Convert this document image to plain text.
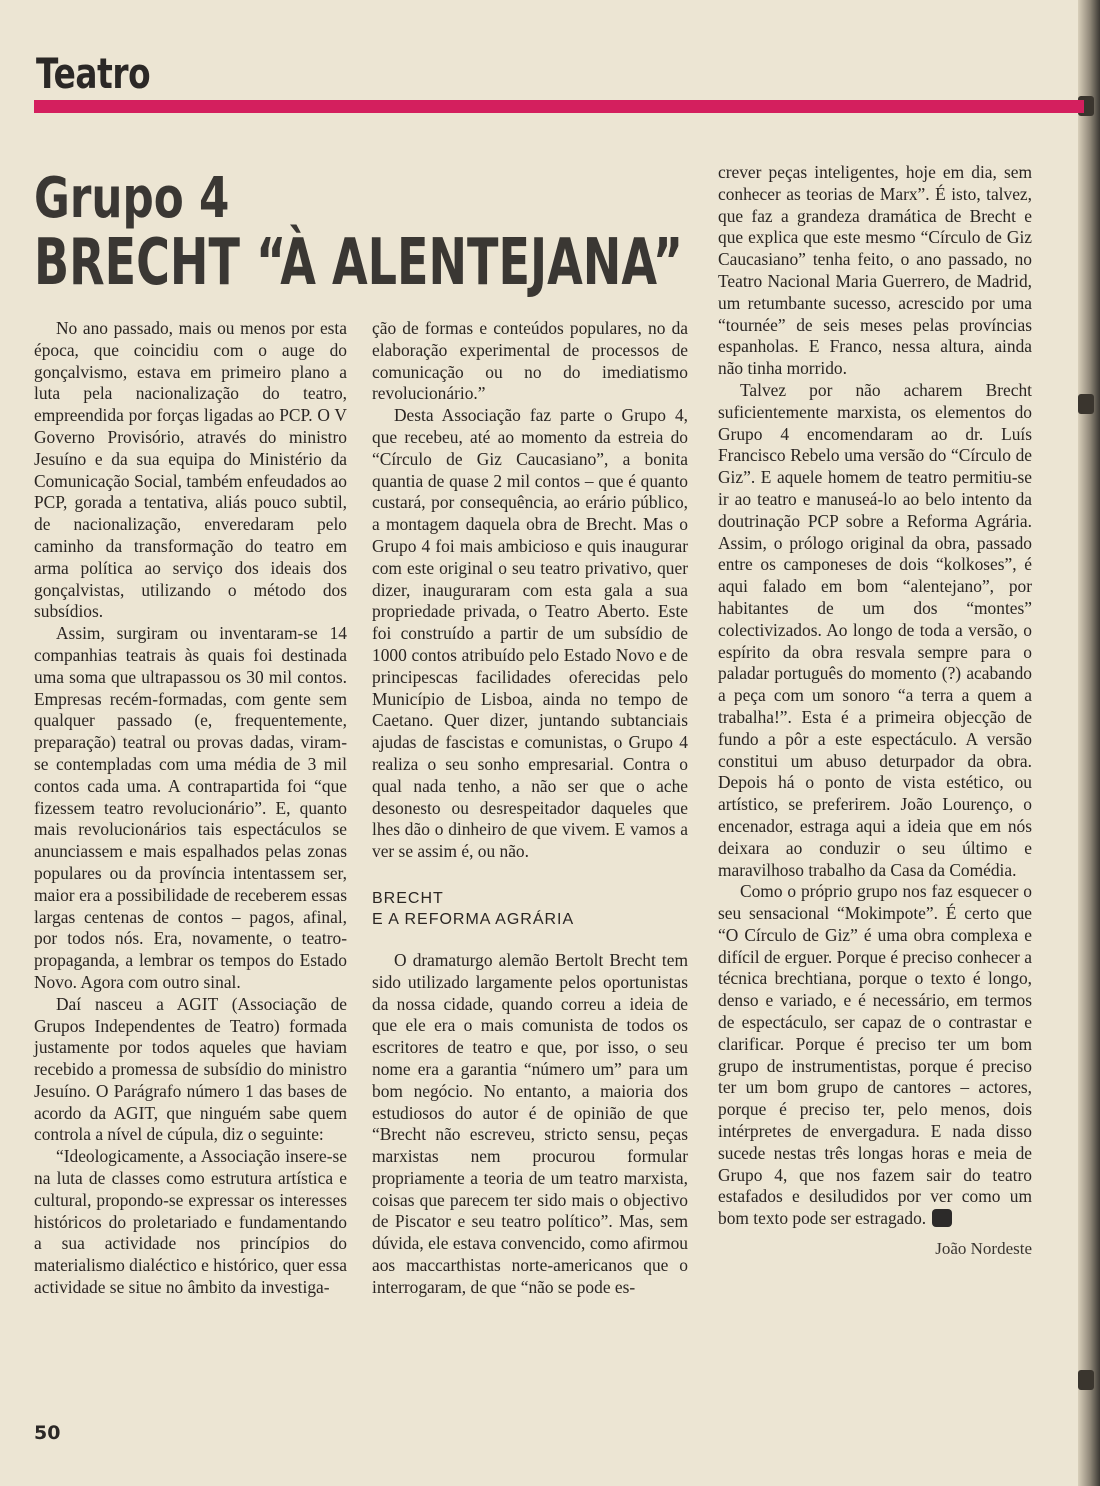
Teatro
Grupo 4
BRECHT “À ALENTEJANA”

No ano passado, mais ou menos por esta época, que coincidiu com o auge do gonçalvismo, estava em primeiro plano a luta pela nacionalização do teatro, empreendida por forças ligadas ao PCP. O V Governo Provisório, através do ministro Jesuíno e da sua equipa do Ministério da Comunicação Social, também enfeudados ao PCP, gorada a tentativa, aliás pouco subtil, de nacionalização, enveredaram pelo caminho da transformação do teatro em arma política ao serviço dos ideais dos gonçalvistas, utilizando o método dos subsídios.

Assim, surgiram ou inventaram-se 14 companhias teatrais às quais foi destinada uma soma que ultrapassou os 30 mil contos. Empresas recém-formadas, com gente sem qualquer passado (e, frequentemente, preparação) teatral ou provas dadas, viram-se contempladas com uma média de 3 mil contos cada uma. A contrapartida foi “que fizessem teatro revolucionário”. E, quanto mais revolucionários tais espectáculos se anunciassem e mais espalhados pelas zonas populares ou da província intentassem ser, maior era a possibilidade de receberem essas largas centenas de contos – pagos, afinal, por todos nós. Era, novamente, o teatro-propaganda, a lembrar os tempos do Estado Novo. Agora com outro sinal.

Daí nasceu a AGIT (Associação de Grupos Independentes de Teatro) formada justamente por todos aqueles que haviam recebido a promessa de subsídio do ministro Jesuíno. O Parágrafo número 1 das bases de acordo da AGIT, que ninguém sabe quem controla a nível de cúpula, diz o seguinte:

“Ideologicamente, a Associação insere-se na luta de classes como estrutura artística e cultural, propondo-se expressar os interesses históricos do proletariado e fundamentando a sua actividade nos princípios do materialismo dialéctico e histórico, quer essa actividade se situe no âmbito da investiga-

ção de formas e conteúdos populares, no da elaboração experimental de processos de comunicação ou no do imediatismo revolucionário.”

Desta Associação faz parte o Grupo 4, que recebeu, até ao momento da estreia do “Círculo de Giz Caucasiano”, a bonita quantia de quase 2 mil contos – que é quanto custará, por consequência, ao erário público, a montagem daquela obra de Brecht. Mas o Grupo 4 foi mais ambicioso e quis inaugurar com este original o seu teatro privativo, quer dizer, inauguraram com esta gala a sua propriedade privada, o Teatro Aberto. Este foi construído a partir de um subsídio de 1000 contos atribuído pelo Estado Novo e de principescas facilidades oferecidas pelo Município de Lisboa, ainda no tempo de Caetano. Quer dizer, juntando subtanciais ajudas de fascistas e comunistas, o Grupo 4 realiza o seu sonho empresarial. Contra o qual nada tenho, a não ser que o ache desonesto ou desrespeitador daqueles que lhes dão o dinheiro de que vivem. E vamos a ver se assim é, ou não.

BRECHT
E A REFORMA AGRÁRIA

O dramaturgo alemão Bertolt Brecht tem sido utilizado largamente pelos oportunistas da nossa cidade, quando correu a ideia de que ele era o mais comunista de todos os escritores de teatro e que, por isso, o seu nome era a garantia “número um” para um bom negócio. No entanto, a maioria dos estudiosos do autor é de opinião de que “Brecht não escreveu, stricto sensu, peças marxistas nem procurou formular propriamente a teoria de um teatro marxista, coisas que parecem ter sido mais o objectivo de Piscator e seu teatro político”. Mas, sem dúvida, ele estava convencido, como afirmou aos maccarthistas norte-americanos que o interrogaram, de que “não se pode es-

crever peças inteligentes, hoje em dia, sem conhecer as teorias de Marx”. É isto, talvez, que faz a grandeza dramática de Brecht e que explica que este mesmo “Círculo de Giz Caucasiano” tenha feito, o ano passado, no Teatro Nacional Maria Guerrero, de Madrid, um retumbante sucesso, acrescido por uma “tournée” de seis meses pelas províncias espanholas. E Franco, nessa altura, ainda não tinha morrido.

Talvez por não acharem Brecht suficientemente marxista, os elementos do Grupo 4 encomendaram ao dr. Luís Francisco Rebelo uma versão do “Círculo de Giz”. E aquele homem de teatro permitiu-se ir ao teatro e manuseá-lo ao belo intento da doutrinação PCP sobre a Reforma Agrária. Assim, o prólogo original da obra, passado entre os camponeses de dois “kolkoses”, é aqui falado em bom “alentejano”, por habitantes de um dos “montes” colectivizados. Ao longo de toda a versão, o espírito da obra resvala sempre para o paladar português do momento (?) acabando a peça com um sonoro “a terra a quem a trabalha!”. Esta é a primeira objecção de fundo a pôr a este espectáculo. A versão constitui um abuso deturpador da obra. Depois há o ponto de vista estético, ou artístico, se preferirem. João Lourenço, o encenador, estraga aqui a ideia que em nós deixara ao conduzir o seu último e maravilhoso trabalho da Casa da Comédia.

Como o próprio grupo nos faz esquecer o seu sensacional “Mokimpote”. É certo que “O Círculo de Giz” é uma obra complexa e difícil de erguer. Porque é preciso conhecer a técnica brechtiana, porque o texto é longo, denso e variado, e é necessário, em termos de espectáculo, ser capaz de o contrastar e clarificar. Porque é preciso ter um bom grupo de instrumentistas, porque é preciso ter um bom grupo de cantores – actores, porque é preciso ter, pelo menos, dois intérpretes de envergadura. E nada disso sucede nestas três longas horas e meia de Grupo 4, que nos fazem sair do teatro estafados e desiludidos por ver como um bom texto pode ser estragado.

João Nordeste
50
